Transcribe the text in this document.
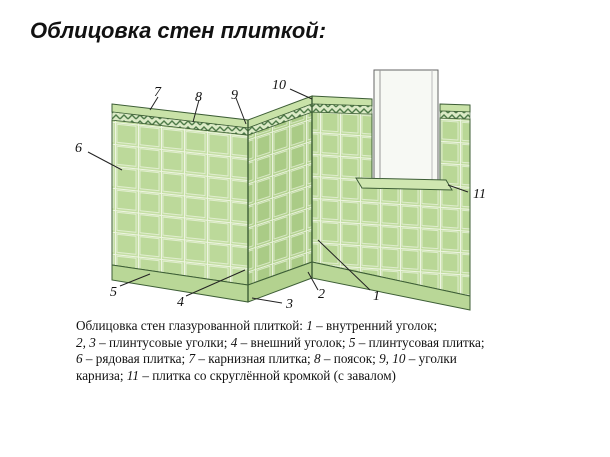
Облицовка стен плиткой:
1
2
3
4
5
6
7 8 9
10
11
Облицовка стен глазурованной плиткой: 1 – внутренний уголок;
2, 3 – плинтусовые уголки; 4 – внешний уголок; 5 – плинтусовая плитка;
6 – рядовая плитка; 7 – карнизная плитка; 8 – поясок; 9, 10 – уголки
карниза; 11 – плитка со скруглённой кромкой (с завалом)
